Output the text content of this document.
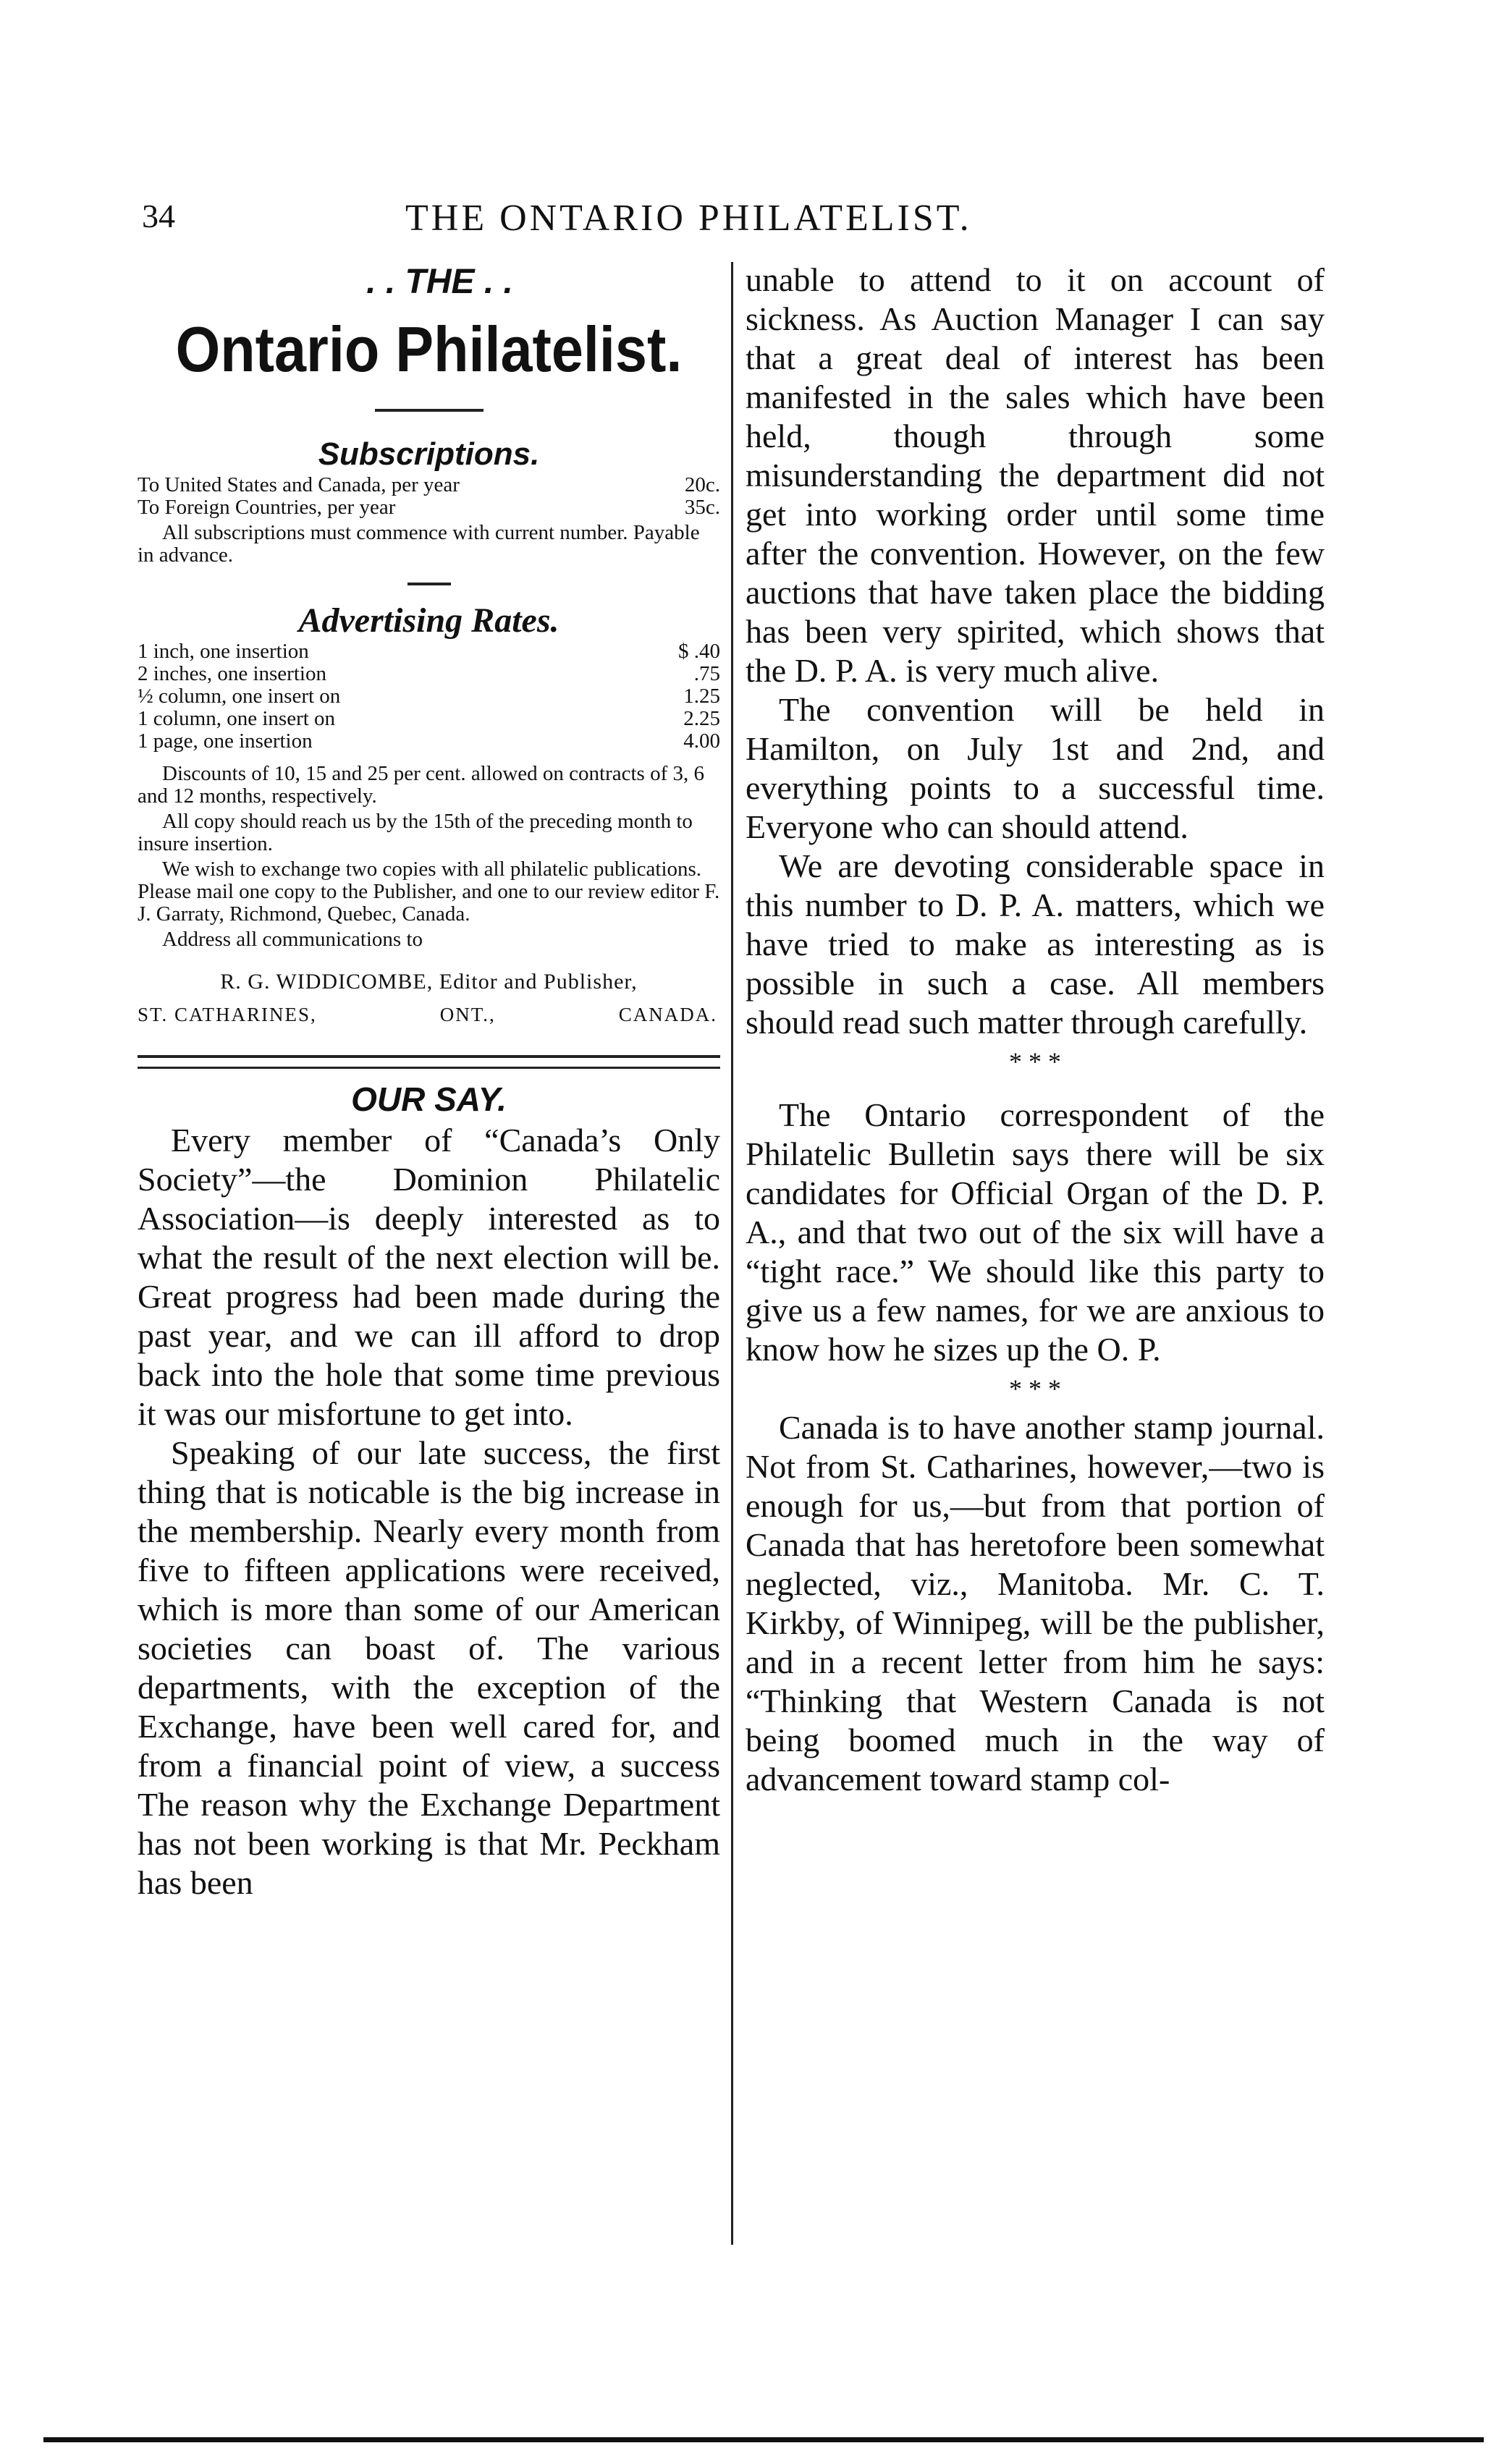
34	THE ONTARIO PHILATELIST.
. . THE . .
Ontario Philatelist.
Subscriptions.
To United States and Canada, per year	20c.
To Foreign Countries, per year	35c.

All subscriptions must commence with current number. Payable in advance.

Advertising Rates.
1 inch, one insertion	$ .40
2 inches, one insertion	.75
½ column, one insert on	1.25
1 column, one insert on	2.25
1 page, one insertion	4.00

Discounts of 10, 15 and 25 per cent. allowed on contracts of 3, 6 and 12 months, respectively.

All copy should reach us by the 15th of the preceding month to insure insertion.

We wish to exchange two copies with all philatelic publications. Please mail one copy to the Publisher, and one to our review editor F. J. Garraty, Richmond, Quebec, Canada.

Address all communications to

R. G. WIDDICOMBE, Editor and Publisher,
ST. CATHARINES,	ONT.,	CANADA.
OUR SAY.

Every member of “Canada’s Only Society”—the Dominion Philatelic Association—is deeply interested as to what the result of the next election will be. Great progress had been made during the past year, and we can ill afford to drop back into the hole that some time previous it was our misfortune to get into.

Speaking of our late success, the first thing that is noticable is the big increase in the membership. Nearly every month from five to fifteen applications were received, which is more than some of our American societies can boast of. The various departments, with the exception of the Exchange, have been well cared for, and from a financial point of view, a success The reason why the Exchange Department has not been working is that Mr. Peckham has been

unable to attend to it on account of sickness. As Auction Manager I can say that a great deal of interest has been manifested in the sales which have been held, though through some misunderstanding the department did not get into working order until some time after the convention. However, on the few auctions that have taken place the bidding has been very spirited, which shows that the D. P. A. is very much alive.

The convention will be held in Hamilton, on July 1st and 2nd, and everything points to a successful time. Everyone who can should attend.

We are devoting considerable space in this number to D. P. A. matters, which we have tried to make as interesting as is possible in such a case. All members should read such matter through carefully.

* * *

The Ontario correspondent of the Philatelic Bulletin says there will be six candidates for Official Organ of the D. P. A., and that two out of the six will have a “tight race.” We should like this party to give us a few names, for we are anxious to know how he sizes up the O. P.

* * *

Canada is to have another stamp journal. Not from St. Catharines, however,—two is enough for us,—but from that portion of Canada that has heretofore been somewhat neglected, viz., Manitoba. Mr. C. T. Kirkby, of Winnipeg, will be the publisher, and in a recent letter from him he says: “Thinking that Western Canada is not being boomed much in the way of advancement toward stamp col-
